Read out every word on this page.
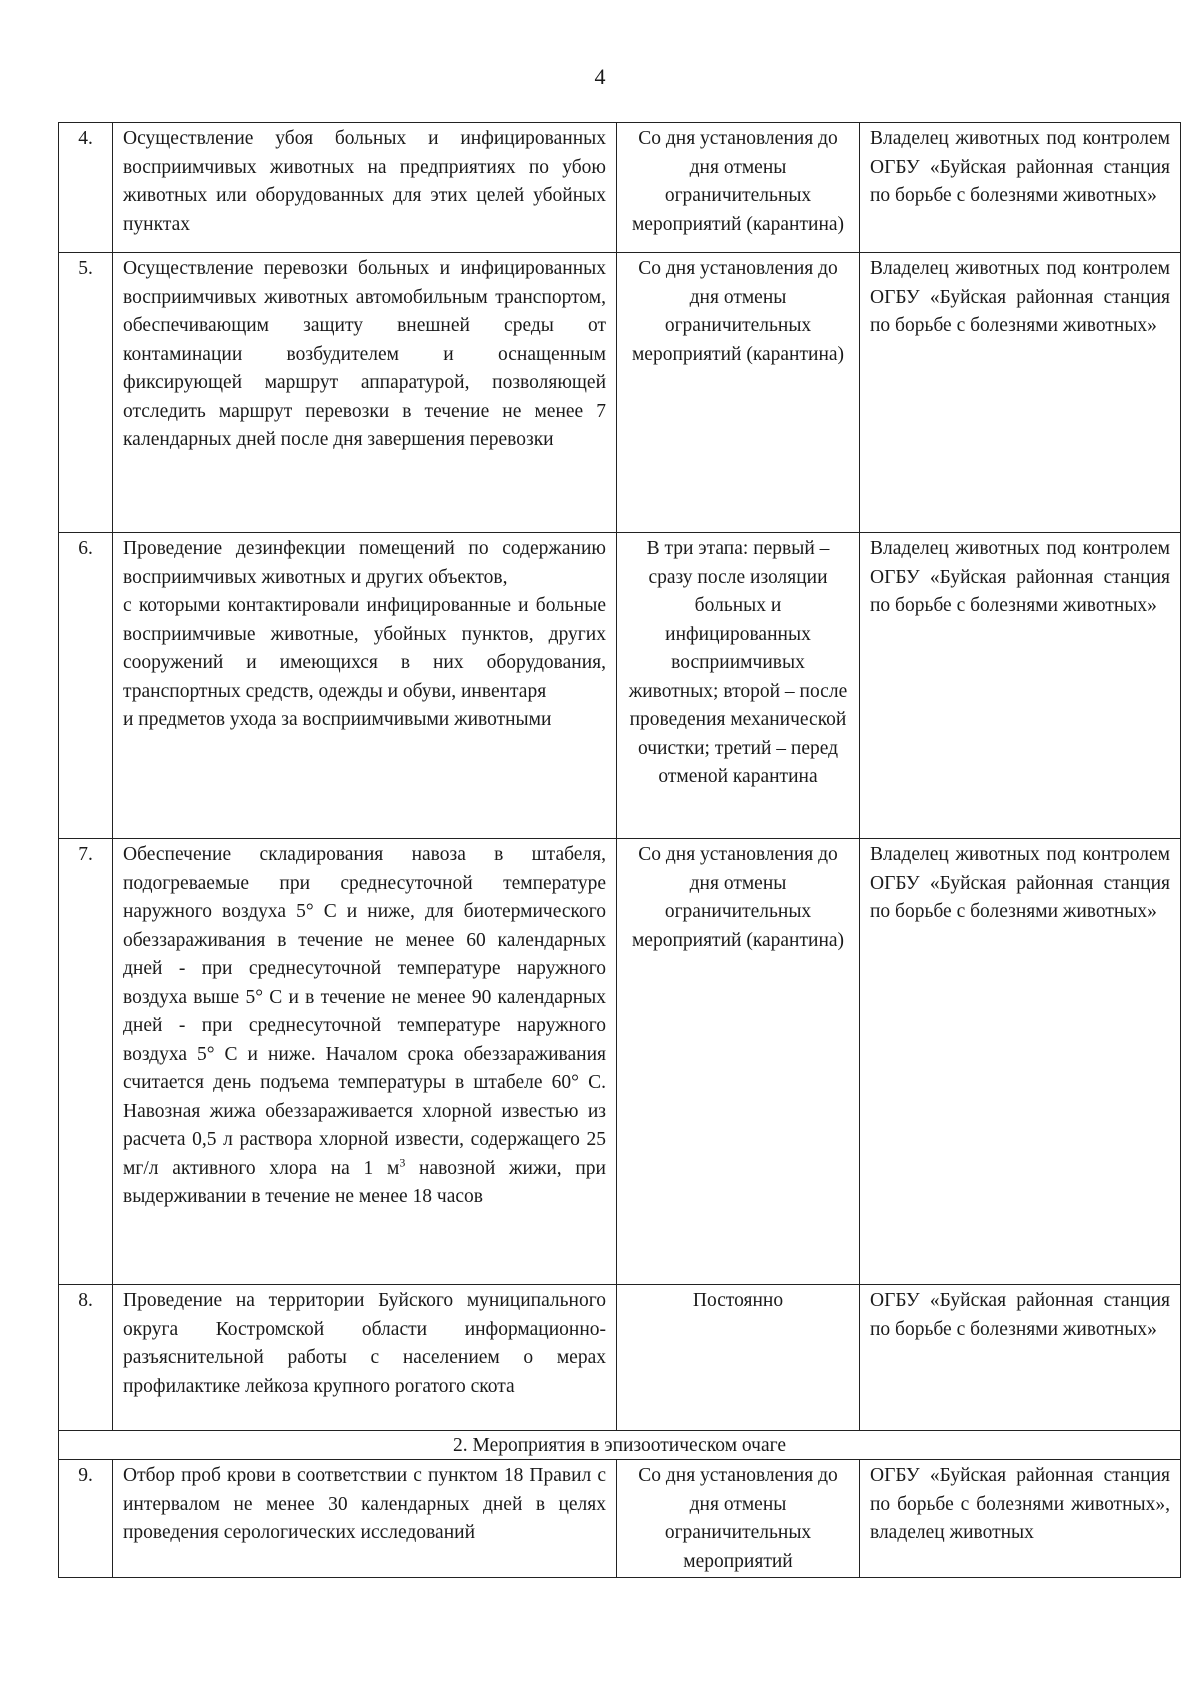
4
4.	Осуществление убоя больных и инфицированных восприимчивых животных на предприятиях по убою животных или оборудованных для этих целей убойных пунктах	Со дня установления до дня отмены ограничительных мероприятий (карантина)	Владелец животных под контролем ОГБУ «Буйская районная станция по борьбе с болезнями животных»
5.	Осуществление перевозки больных и инфицированных восприимчивых животных автомобильным транспортом, обеспечивающим защиту внешней среды от контаминации возбудителем и оснащенным фиксирующей маршрут аппаратурой, позволяющей отследить маршрут перевозки в течение не менее 7 календарных дней после дня завершения перевозки	Со дня установления до дня отмены ограничительных мероприятий (карантина)	Владелец животных под контролем ОГБУ «Буйская районная станция по борьбе с болезнями животных»
6.	Проведение дезинфекции помещений по содержанию восприимчивых животных и других объектов,

с которыми контактировали инфицированные и больные восприимчивые животные, убойных пунктов, других сооружений и имеющихся в них оборудования, транспортных средств, одежды и обуви, инвентаря

и предметов ухода за восприимчивыми животными	В три этапа: первый – сразу после изоляции больных и инфицированных восприимчивых животных; второй – после проведения механической очистки; третий – перед отменой карантина	Владелец животных под контролем ОГБУ «Буйская районная станция по борьбе с болезнями животных»
7.	Обеспечение складирования навоза в штабеля, подогреваемые при среднесуточной температуре наружного воздуха 5° С и ниже, для биотермического обеззараживания в течение не менее 60 календарных дней - при среднесуточной температуре наружного воздуха выше 5° С и в течение не менее 90 календарных дней - при среднесуточной температуре наружного воздуха 5° С и ниже. Началом срока обеззараживания считается день подъема температуры в штабеле 60° С. Навозная жижа обеззараживается хлорной известью из расчета 0,5 л раствора хлорной извести, содержащего 25 мг/л активного хлора на 1 $м^3$ навозной жижи, при выдерживании в течение не менее 18 часов	Со дня установления до дня отмены ограничительных мероприятий (карантина)	Владелец животных под контролем ОГБУ «Буйская районная станция по борьбе с болезнями животных»
8.	Проведение на территории Буйского муниципального округа Костромской области информационно-разъяснительной работы с населением о мерах профилактике лейкоза крупного рогатого скота	Постоянно	ОГБУ «Буйская районная станция по борьбе с болезнями животных»
2. Мероприятия в эпизоотическом очаге			
9.	Отбор проб крови в соответствии с пунктом 18 Правил с интервалом не менее 30 календарных дней в целях проведения серологических исследований	Со дня установления до дня отмены ограничительных мероприятий	ОГБУ «Буйская районная станция по борьбе с болезнями животных», владелец животных
